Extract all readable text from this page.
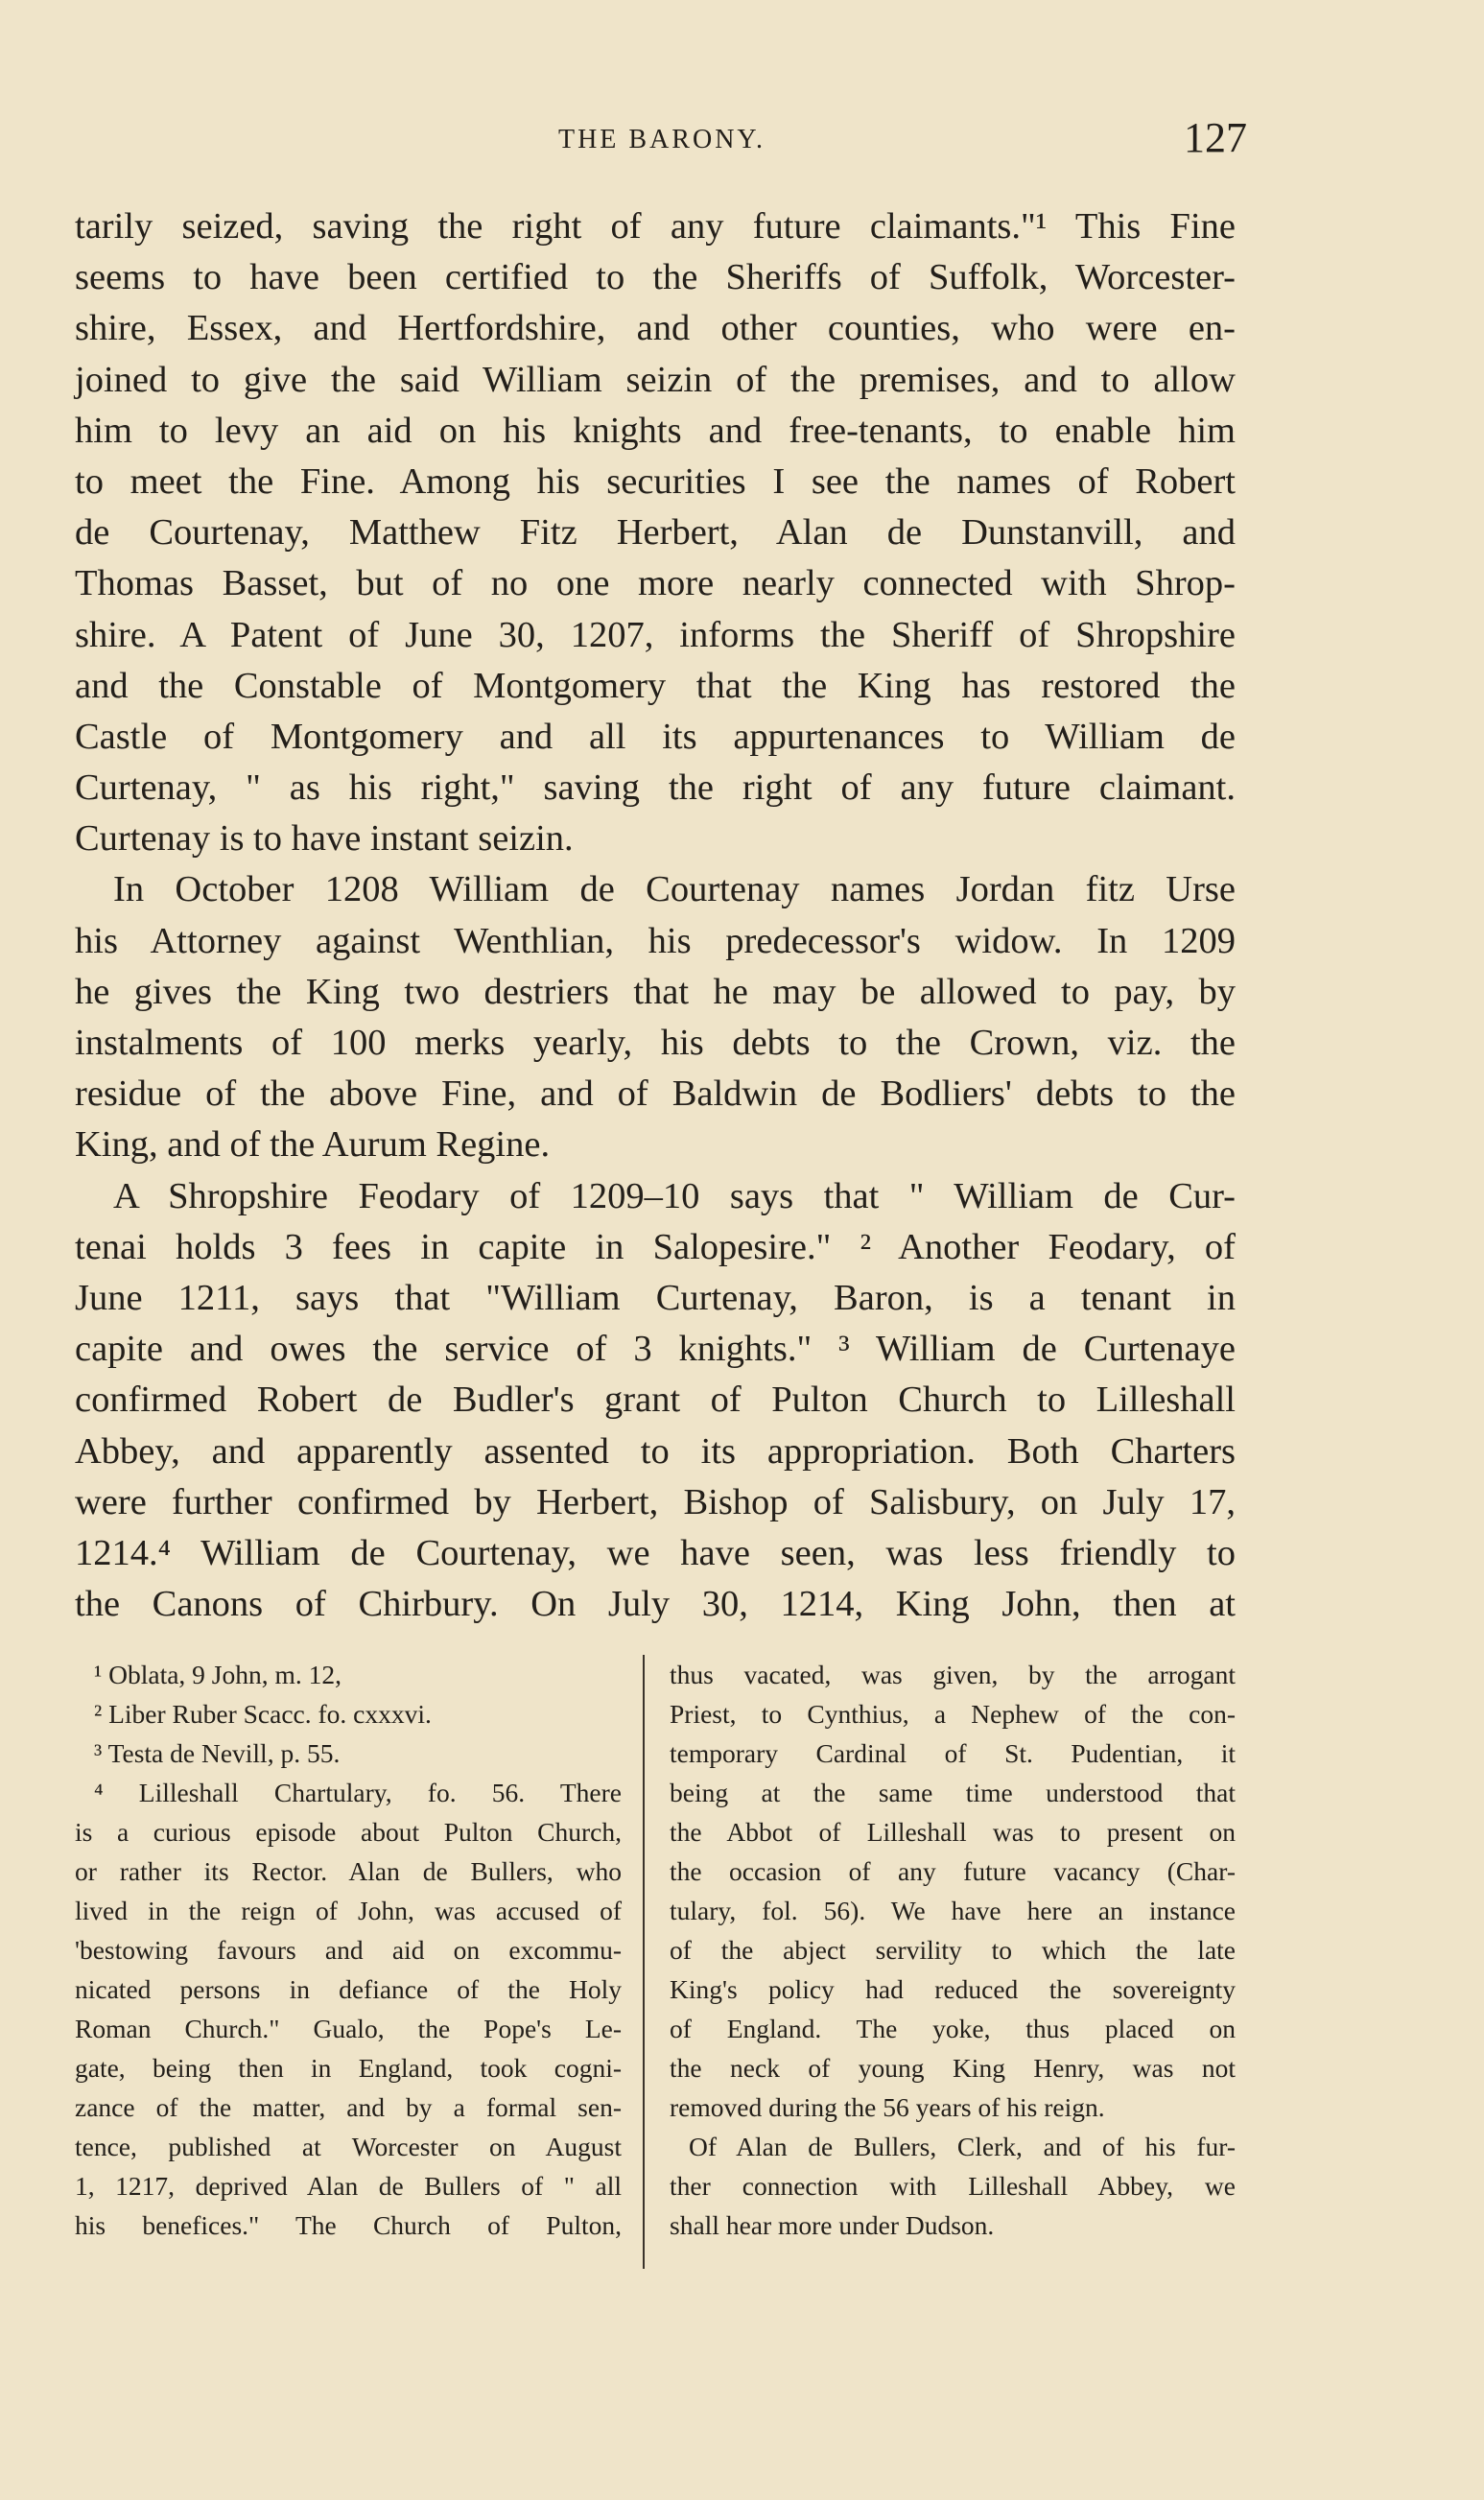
THE BARONY.	127
tarily seized, saving the right of any future claimants."¹ This Fine
seems to have been certified to the Sheriffs of Suffolk, Worcester-
shire, Essex, and Hertfordshire, and other counties, who were en-
joined to give the said William seizin of the premises, and to allow
him to levy an aid on his knights and free-tenants, to enable him
to meet the Fine. Among his securities I see the names of Robert
de Courtenay, Matthew Fitz Herbert, Alan de Dunstanvill, and
Thomas Basset, but of no one more nearly connected with Shrop-
shire. A Patent of June 30, 1207, informs the Sheriff of Shropshire
and the Constable of Montgomery that the King has restored the
Castle of Montgomery and all its appurtenances to William de
Curtenay, " as his right," saving the right of any future claimant.
Curtenay is to have instant seizin.
In October 1208 William de Courtenay names Jordan fitz Urse
his Attorney against Wenthlian, his predecessor's widow. In 1209
he gives the King two destriers that he may be allowed to pay, by
instalments of 100 merks yearly, his debts to the Crown, viz. the
residue of the above Fine, and of Baldwin de Bodliers' debts to the
King, and of the Aurum Regine.
A Shropshire Feodary of 1209–10 says that " William de Cur-
tenai holds 3 fees in capite in Salopesire." ² Another Feodary, of
June 1211, says that "William Curtenay, Baron, is a tenant in
capite and owes the service of 3 knights." ³ William de Curtenaye
confirmed Robert de Budler's grant of Pulton Church to Lilleshall
Abbey, and apparently assented to its appropriation. Both Charters
were further confirmed by Herbert, Bishop of Salisbury, on July 17,
1214.⁴ William de Courtenay, we have seen, was less friendly to
the Canons of Chirbury. On July 30, 1214, King John, then at
¹ Oblata, 9 John, m. 12,
² Liber Ruber Scacc. fo. cxxxvi.
³ Testa de Nevill, p. 55.
⁴ Lilleshall Chartulary, fo. 56. There
is a curious episode about Pulton Church,
or rather its Rector. Alan de Bullers, who
lived in the reign of John, was accused of
'bestowing favours and aid on excommu-
nicated persons in defiance of the Holy
Roman Church." Gualo, the Pope's Le-
gate, being then in England, took cogni-
zance of the matter, and by a formal sen-
tence, published at Worcester on August
1, 1217, deprived Alan de Bullers of " all
his benefices." The Church of Pulton,
thus vacated, was given, by the arrogant
Priest, to Cynthius, a Nephew of the con-
temporary Cardinal of St. Pudentian, it
being at the same time understood that
the Abbot of Lilleshall was to present on
the occasion of any future vacancy (Char-
tulary, fol. 56). We have here an instance
of the abject servility to which the late
King's policy had reduced the sovereignty
of England. The yoke, thus placed on
the neck of young King Henry, was not
removed during the 56 years of his reign.
Of Alan de Bullers, Clerk, and of his fur-
ther connection with Lilleshall Abbey, we
shall hear more under Dudson.
